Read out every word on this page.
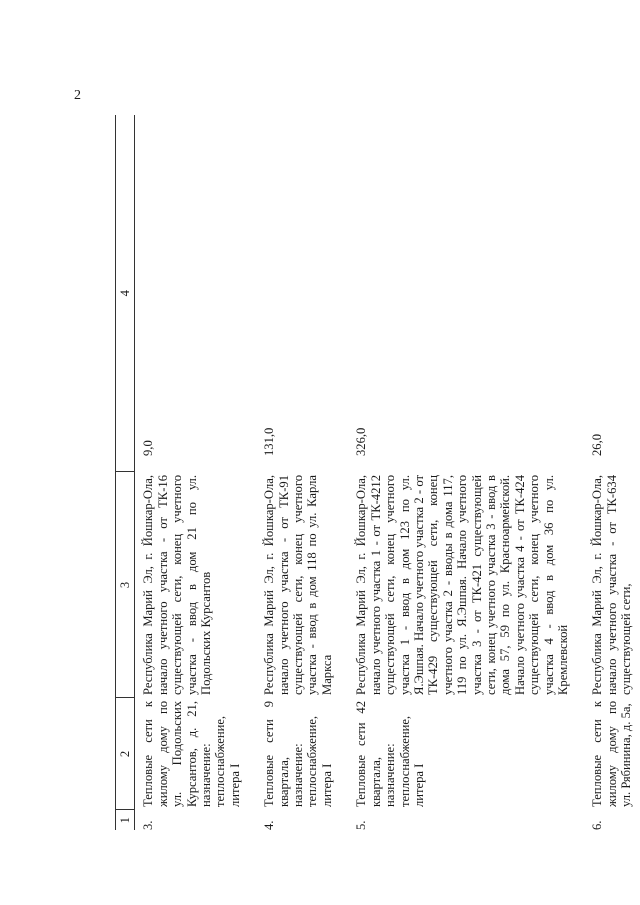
2
1	2	3	4
3.	Тепловые сети к жилому дому по ул. Подольских Курсантов, д. 21, назначение: теплоснабжение, литера I	Республика Марий Эл, г. Йошкар-Ола, начало учетного участка - от ТК-16 существующей сети, конец учетного участка - ввод в дом 21 по ул. Подольских Курсантов	9,0
4.	Тепловые сети 9 квартала, назначение: теплоснабжение, литера I	Республика Марий Эл, г. Йошкар-Ола, начало учетного участка - от ТК-91 существующей сети, конец учетного участка - ввод в дом 118 по ул. Карла Маркса	131,0
5.	Тепловые сети 42 квартала, назначение: теплоснабжение, литера I	Республика Марий Эл, г. Йошкар-Ола, начало учетного участка 1 - от ТК-4212 существующей сети, конец учетного участка 1 - ввод в дом 123 по ул. Я.Эшпая. Начало учетного участка 2 - от ТК-429 существующей сети, конец учетного участка 2 - вводы в дома 117, 119 по ул. Я.Эшпая. Начало учетного участка 3 - от ТК-421 существующей сети, конец учетного участка 3 - ввод в дома 57, 59 по ул. Красноармейской. Начало учетного участка 4 - от ТК-424 существующей сети, конец учетного участка 4 - ввод в дом 36 по ул. Кремлевской	326,0
6.	Тепловые сети к жилому дому по ул. Рябинина, д. 5а,	Республика Марий Эл, г. Йошкар-Ола, начало учетного участка - от ТК-634 существующей сети,	26,0
